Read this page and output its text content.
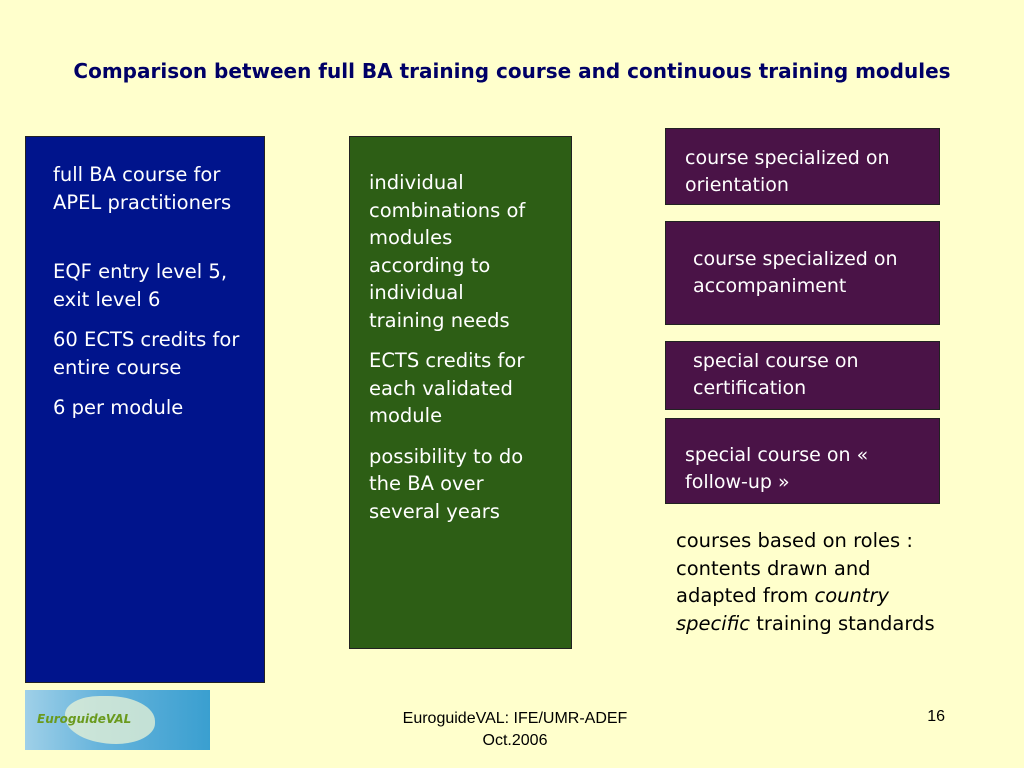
Comparison between full BA training course and continuous training modules

full BA course for APEL practitioners

EQF entry level 5, exit level 6

60 ECTS credits for entire course

6 per module

individual combinations of modules according to individual training needs

ECTS credits for each validated module

possibility to do the BA over several years

course specialized on orientation
course specialized on accompaniment
special course on certification
special course on « follow-up »
courses based on roles : contents drawn and adapted from country specific training standards
EuroguideVAL	EuroguideVAL: IFE/UMR-ADEF
Oct.2006
16
